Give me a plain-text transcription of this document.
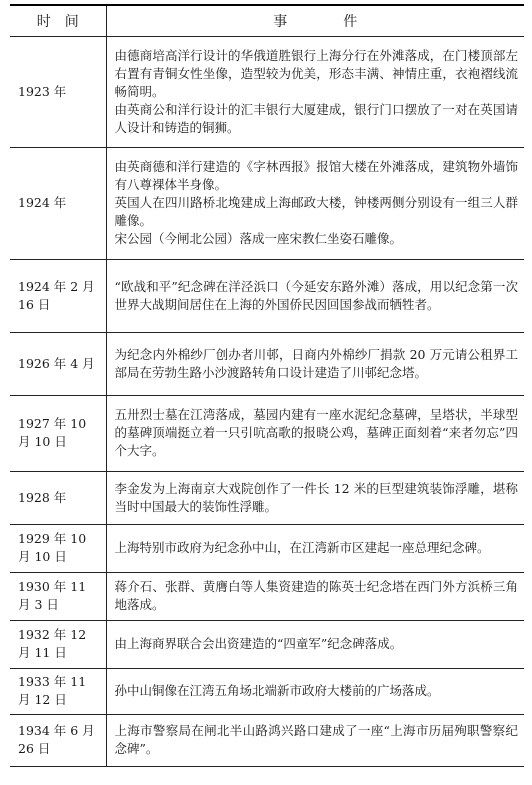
时　间	事　　　　件
1923 年	由德商培高洋行设计的华俄道胜银行上海分行在外滩落成，在门楼顶部左右置有青铜女性坐像，造型较为优美，形态丰满、神情庄重，衣袍褶线流畅简明。
由英商公和洋行设计的汇丰银行大厦建成，银行门口摆放了一对在英国请人设计和铸造的铜狮。

1924 年	由英商德和洋行建造的《字林西报》报馆大楼在外滩落成，建筑物外墙饰有八尊裸体半身像。
英国人在四川路桥北堍建成上海邮政大楼，钟楼两侧分别设有一组三人群雕像。
宋公园（今闸北公园）落成一座宋教仁坐姿石雕像。

1924 年 2 月 16 日	“欧战和平”纪念碑在洋泾浜口（今延安东路外滩）落成，用以纪念第一次世界大战期间居住在上海的外国侨民因回国参战而牺牲者。

1926 年 4 月	为纪念内外棉纱厂创办者川邨，日商内外棉纱厂捐款 20 万元请公租界工部局在劳勃生路小沙渡路转角口设计建造了川邨纪念塔。

1927 年 10 月 10 日	五卅烈士墓在江湾落成，墓园内建有一座水泥纪念墓碑，呈塔状，半球型的墓碑顶端挺立着一只引吭高歌的报晓公鸡，墓碑正面刻着“来者勿忘”四个大字。

1928 年	李金发为上海南京大戏院创作了一件长 12 米的巨型建筑装饰浮雕，堪称当时中国最大的装饰性浮雕。

1929 年 10 月 10 日	上海特别市政府为纪念孙中山，在江湾新市区建起一座总理纪念碑。

1930 年 11 月 3 日	蒋介石、张群、黄膺白等人集资建造的陈英士纪念塔在西门外方浜桥三角地落成。

1932 年 12 月 11 日	由上海商界联合会出资建造的“四童军”纪念碑落成。

1933 年 11 月 12 日	孙中山铜像在江湾五角场北端新市政府大楼前的广场落成。

1934 年 6 月 26 日	上海市警察局在闸北半山路鸿兴路口建成了一座“上海市历届殉职警察纪念碑”。
